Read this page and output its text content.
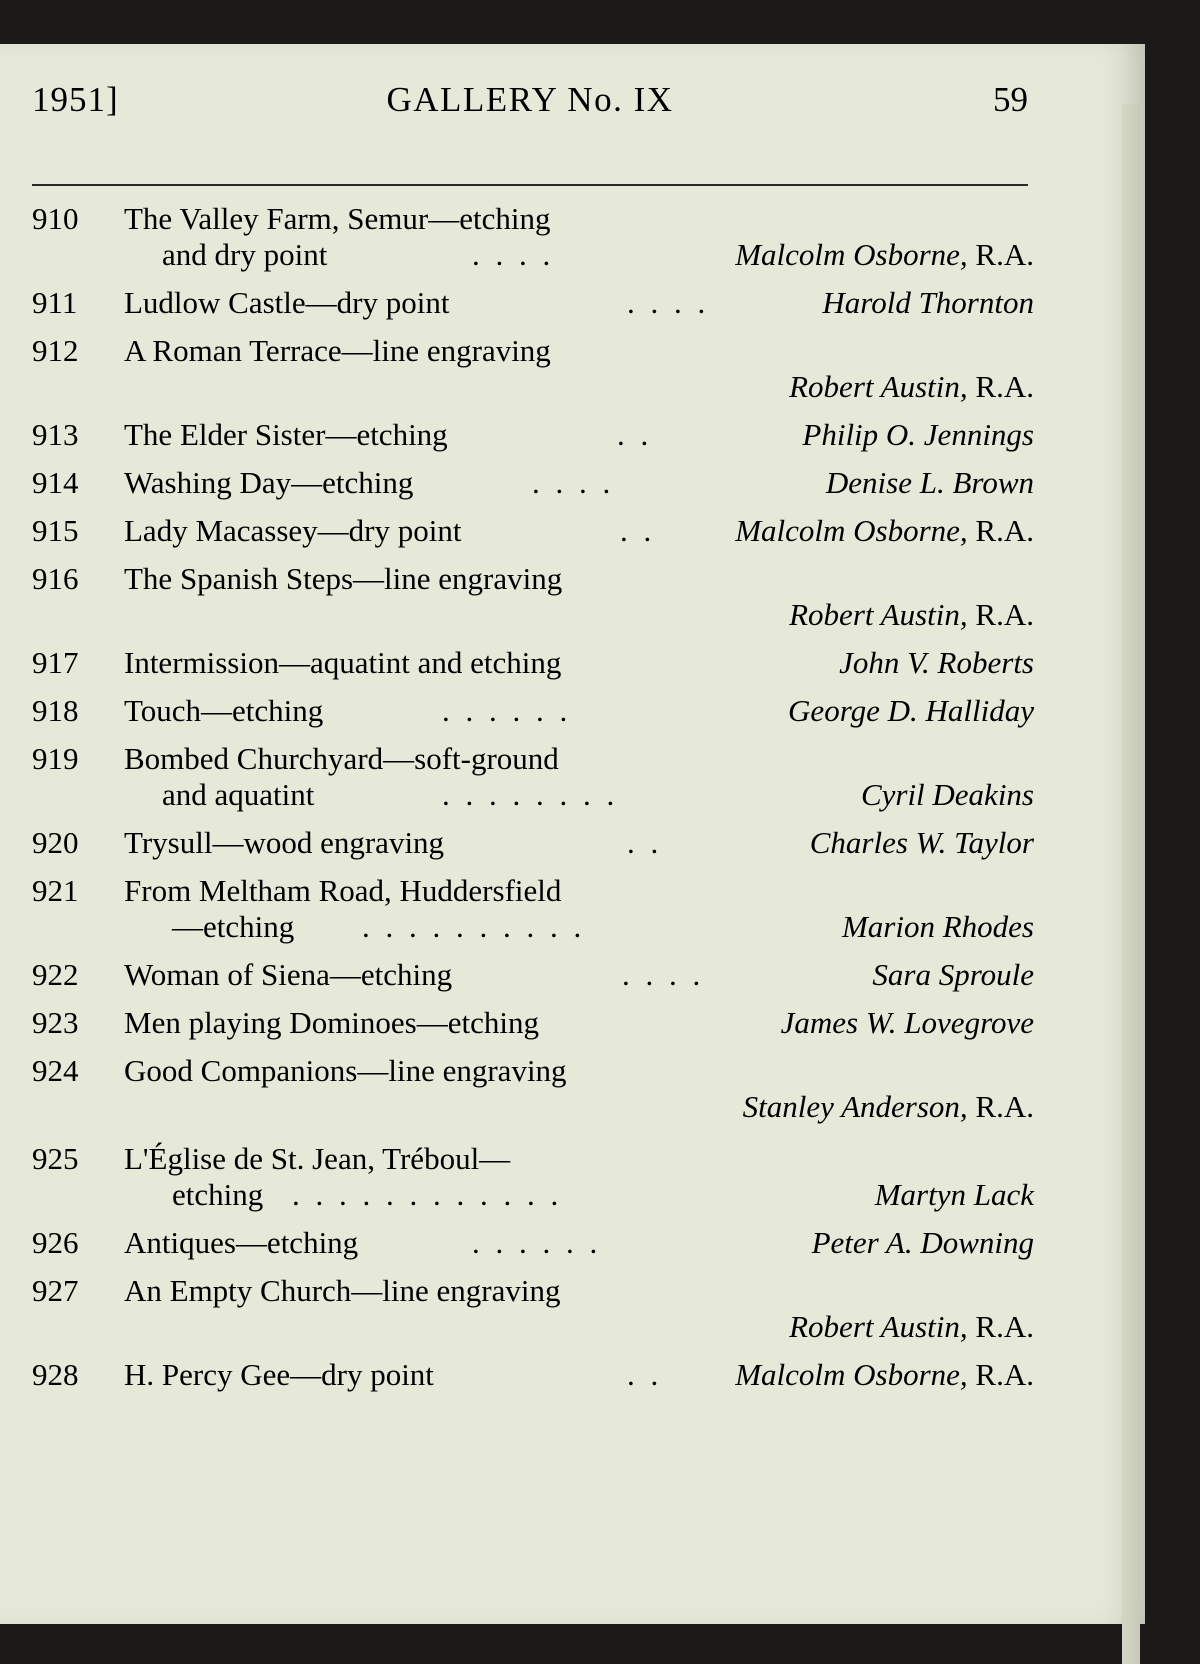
1951]	GALLERY No. IX	59
910	The Valley Farm, Semur—etching
and dry point	. . . .	Malcolm Osborne, R.A.
911	Ludlow Castle—dry point	. . . .	Harold Thornton
912	A Roman Terrace—line engraving
Robert Austin, R.A.
913	The Elder Sister—etching	. .	Philip O. Jennings
914	Washing Day—etching	. . . .	Denise L. Brown
915	Lady Macassey—dry point	. .	Malcolm Osborne, R.A.
916	The Spanish Steps—line engraving
Robert Austin, R.A.
917	Intermission—aquatint and etching	John V. Roberts
918	Touch—etching	. . . . . .	George D. Halliday
919	Bombed Churchyard—soft-ground
and aquatint	. . . . . . . .	Cyril Deakins
920	Trysull—wood engraving	. .	Charles W. Taylor
921	From Meltham Road, Huddersfield
—etching . . . . . . . . . .	Marion Rhodes
922	Woman of Siena—etching	. . . .	Sara Sproule
923	Men playing Dominoes—etching	James W. Lovegrove
924	Good Companions—line engraving
Stanley Anderson, R.A.
925	L'Église de St. Jean, Tréboul—
etching . . . . . . . . . . . .	Martyn Lack
926	Antiques—etching	. . . . . .	Peter A. Downing
927	An Empty Church—line engraving
Robert Austin, R.A.
928	H. Percy Gee—dry point	. . Malcolm Osborne, R.A.
